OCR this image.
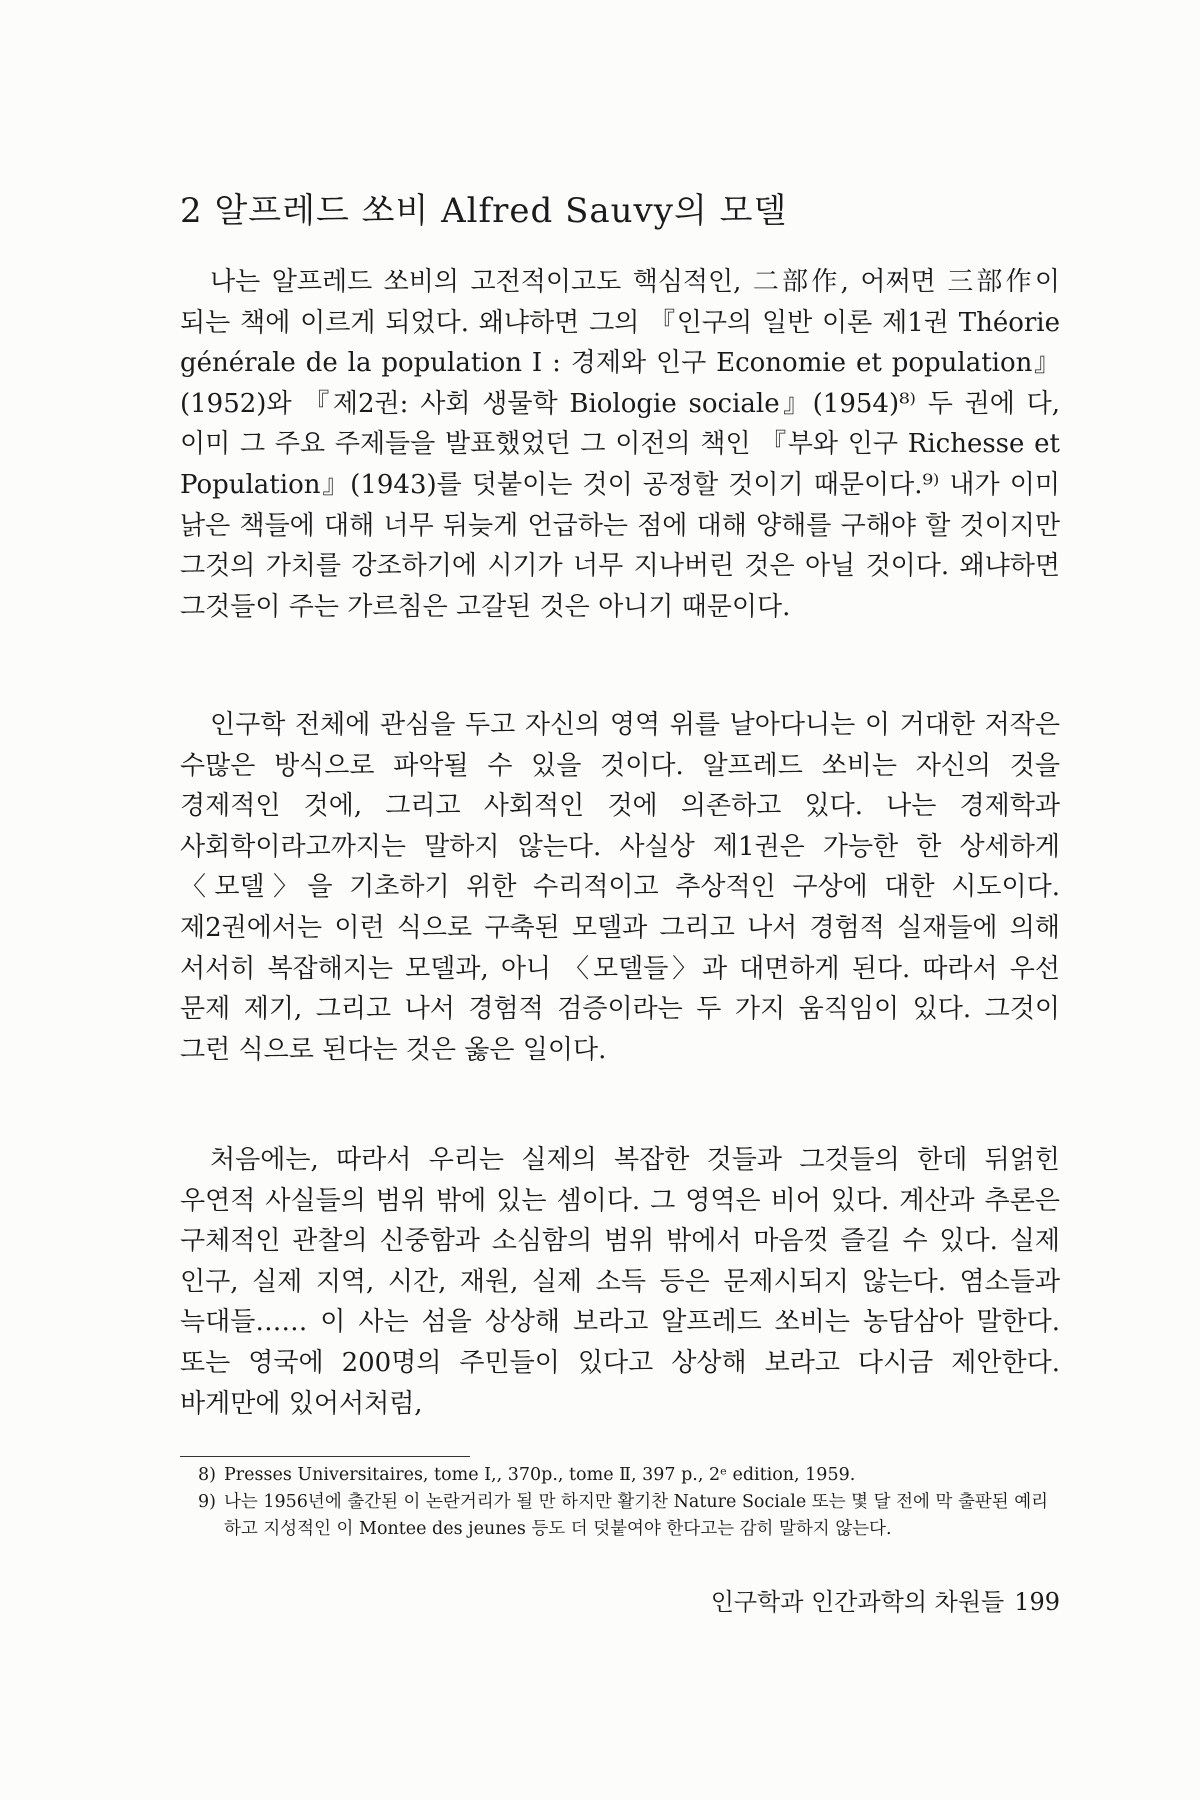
2 알프레드 쏘비 Alfred Sauvy의 모델

나는 알프레드 쏘비의 고전적이고도 핵심적인, 二部作, 어쩌면 三部作이 되는 책에 이르게 되었다. 왜냐하면 그의 『인구의 일반 이론 제1권 Théorie générale de la population I : 경제와 인구 Economie et population』(1952)와 『제2권: 사회 생물학 Biologie sociale』(1954)⁸⁾ 두 권에 다, 이미 그 주요 주제들을 발표했었던 그 이전의 책인 『부와 인구 Richesse et Population』(1943)를 덧붙이는 것이 공정할 것이기 때문이다.⁹⁾ 내가 이미 낡은 책들에 대해 너무 뒤늦게 언급하는 점에 대해 양해를 구해야 할 것이지만 그것의 가치를 강조하기에 시기가 너무 지나버린 것은 아닐 것이다. 왜냐하면 그것들이 주는 가르침은 고갈된 것은 아니기 때문이다.

인구학 전체에 관심을 두고 자신의 영역 위를 날아다니는 이 거대한 저작은 수많은 방식으로 파악될 수 있을 것이다. 알프레드 쏘비는 자신의 것을 경제적인 것에, 그리고 사회적인 것에 의존하고 있다. 나는 경제학과 사회학이라고까지는 말하지 않는다. 사실상 제1권은 가능한 한 상세하게 〈모델〉을 기초하기 위한 수리적이고 추상적인 구상에 대한 시도이다. 제2권에서는 이런 식으로 구축된 모델과 그리고 나서 경험적 실재들에 의해 서서히 복잡해지는 모델과, 아니 〈모델들〉과 대면하게 된다. 따라서 우선 문제 제기, 그리고 나서 경험적 검증이라는 두 가지 움직임이 있다. 그것이 그런 식으로 된다는 것은 옳은 일이다.

처음에는, 따라서 우리는 실제의 복잡한 것들과 그것들의 한데 뒤얽힌 우연적 사실들의 범위 밖에 있는 셈이다. 그 영역은 비어 있다. 계산과 추론은 구체적인 관찰의 신중함과 소심함의 범위 밖에서 마음껏 즐길 수 있다. 실제 인구, 실제 지역, 시간, 재원, 실제 소득 등은 문제시되지 않는다. 염소들과 늑대들…… 이 사는 섬을 상상해 보라고 알프레드 쏘비는 농담삼아 말한다. 또는 영국에 200명의 주민들이 있다고 상상해 보라고 다시금 제안한다. 바게만에 있어서처럼,

8) Presses Universitaires, tome I,, 370p., tome Ⅱ, 397 p., 2ᵉ edition, 1959.

9) 나는 1956년에 출간된 이 논란거리가 될 만 하지만 활기찬 Nature Sociale 또는 몇 달 전에 막 출판된 예리하고 지성적인 이 Montee des jeunes 등도 더 덧붙여야 한다고는 감히 말하지 않는다.

인구학과 인간과학의 차원들 199
